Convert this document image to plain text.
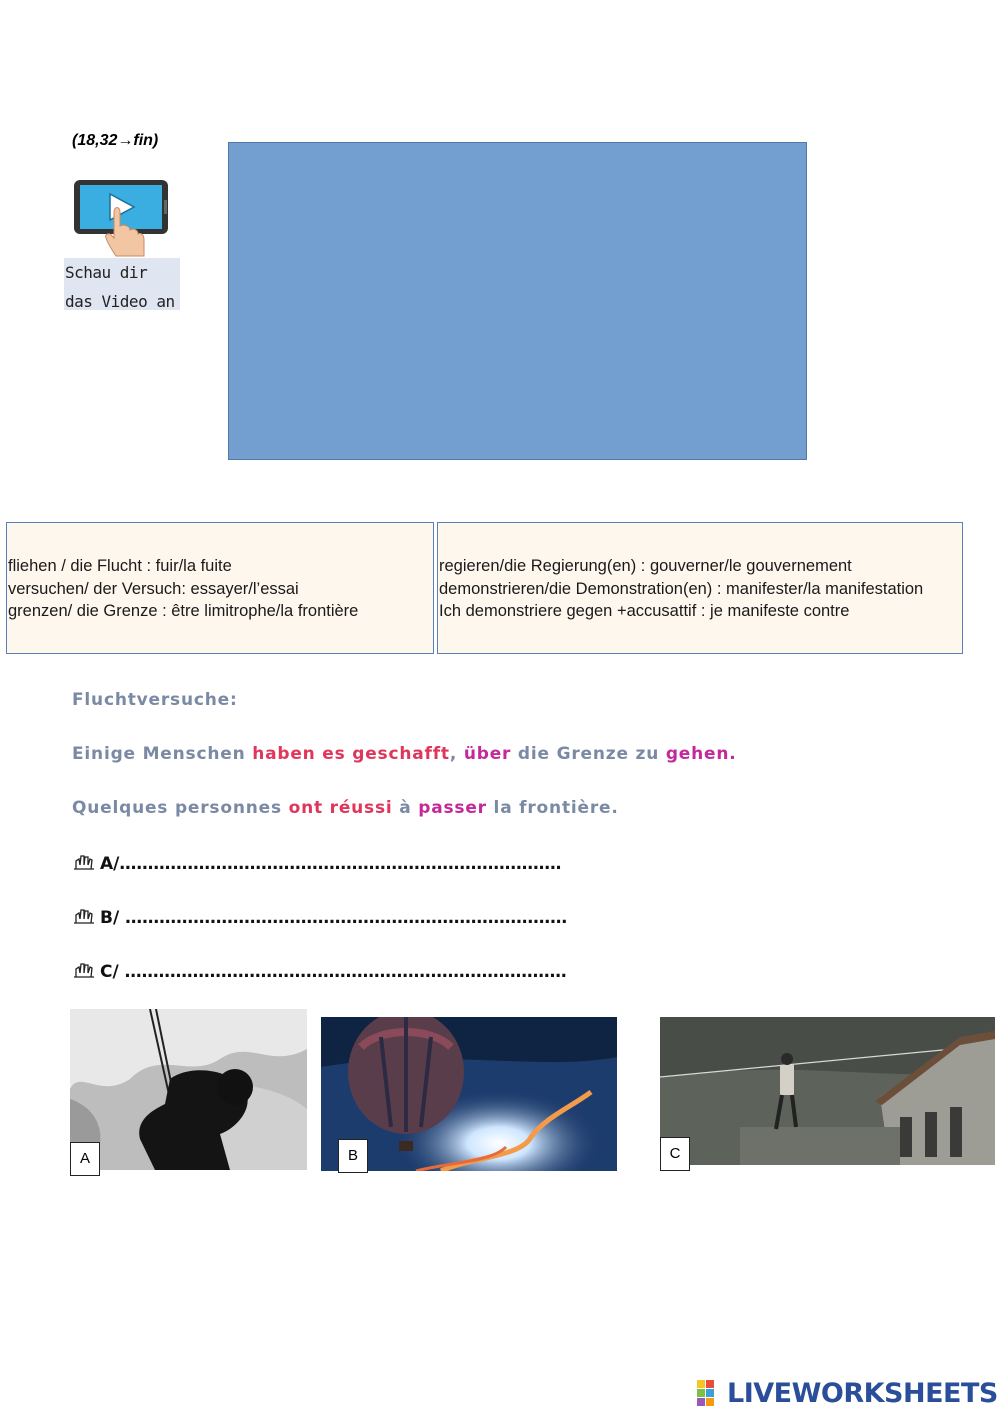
(18,32→fin)
Schau dir
das Video an
fliehen / die Flucht : fuir/la fuite
versuchen/ der Versuch: essayer/l’essai
grenzen/ die Grenze : être limitrophe/la frontière
regieren/die Regierung(en) : gouverner/le gouvernement
demonstrieren/die Demonstration(en) : manifester/la manifestation
Ich demonstriere gegen +accusattif : je manifeste contre
Fluchtversuche:
Einige Menschen haben es geschafft, über die Grenze zu gehen.
Quelques personnes ont réussi à passer la frontière.
A/……………………………………………………………………
B/ ……………………………………………………………………
C/ ……………………………………………………………………
A	B	C
LIVEWORKSHEETS
